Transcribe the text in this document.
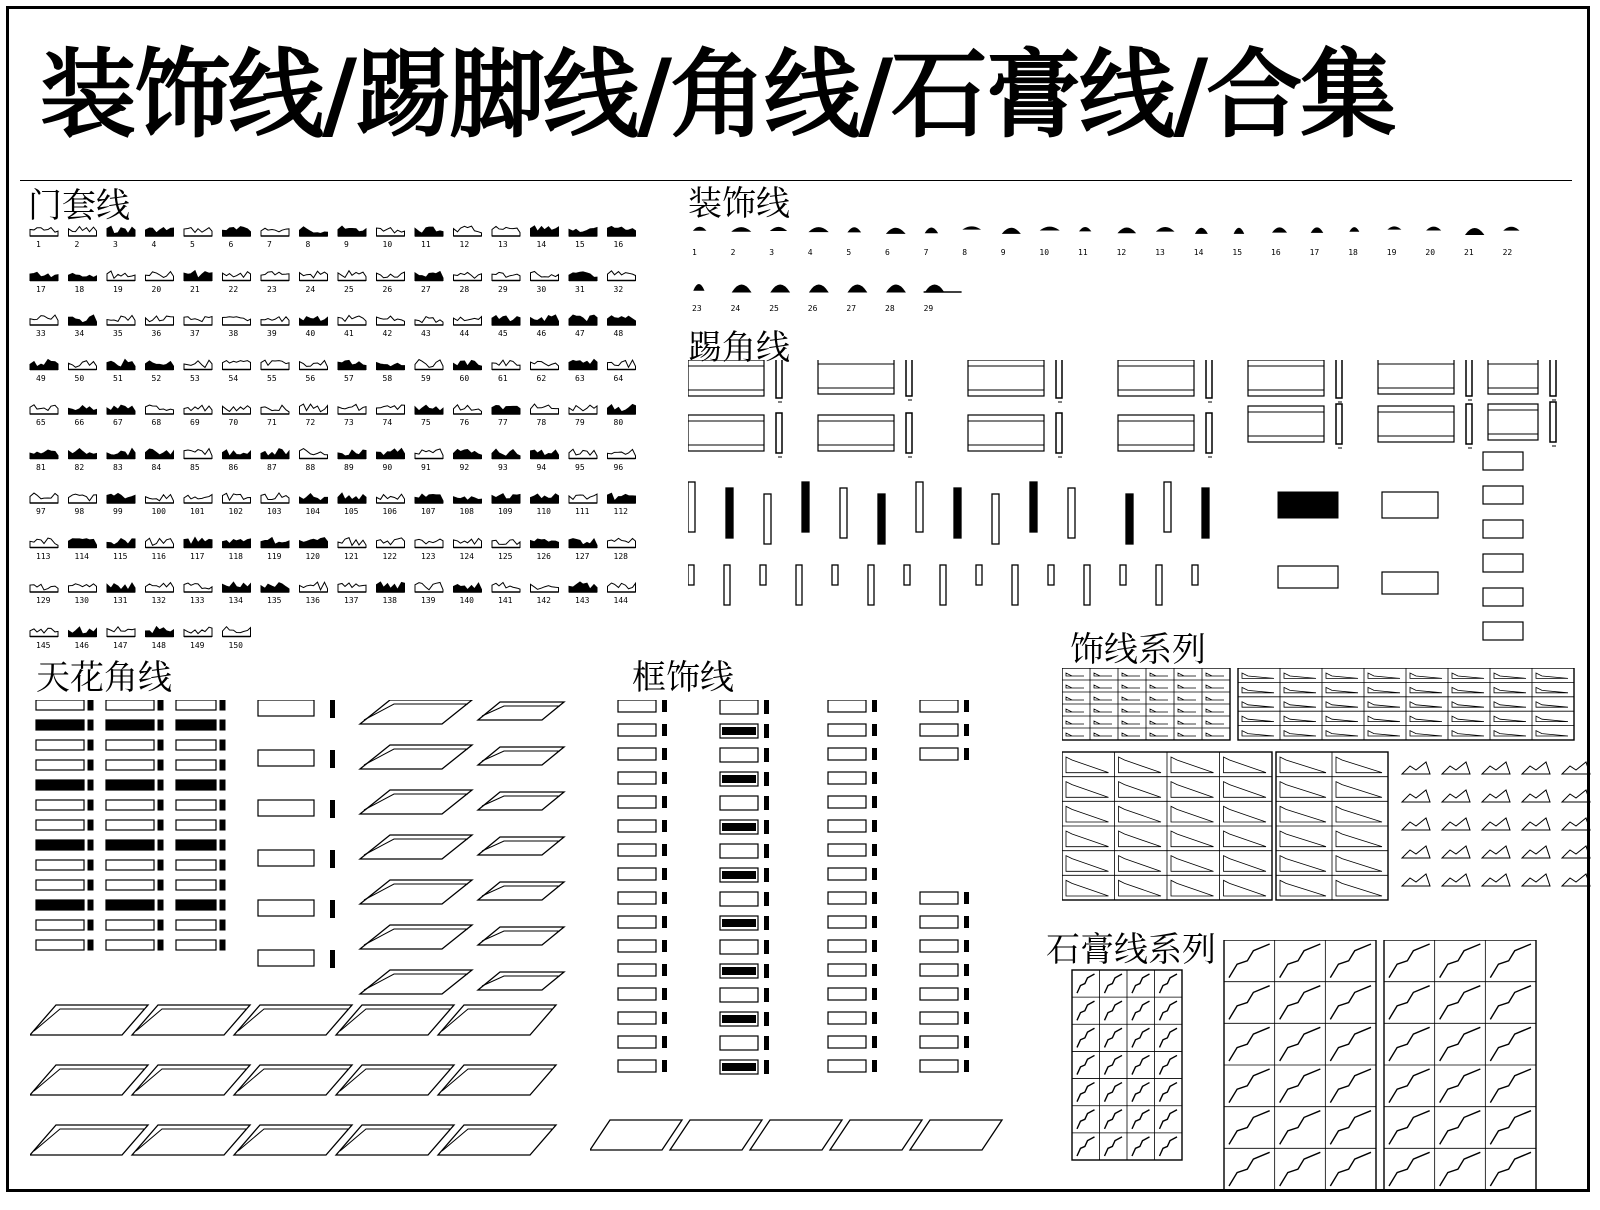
装饰线/踢脚线/角线/石膏线/合集
门套线	装饰线
踢角线
天花角线	框饰线
饰线系列
石膏线系列
1	2	3	4	5	6	7	8	9	10	11	12	13	14	15	16
17	18	19	20	21	22	23	24	25	26	27	28	29	30	31	32
33	34	35	36	37	38	39	40	41	42	43	44	45	46	47	48
49	50	51	52	53	54	55	56	57	58	59	60	61	62	63	64
65	66	67	68	69	70	71	72	73	74	75	76	77	78	79	80
81	82	83	84	85	86	87	88	89	90	91	92	93	94	95	96
97	98	99	100	101	102	103	104	105	106	107	108	109	110	111	112
113	114	115	116	117	118	119	120	121	122	123	124	125	126	127	128
129	130	131	132	133	134	135	136	137	138	139	140	141	142	143	144
145	146	147	148	149	150
1	2	3	4	5	6	7	8	9	10	11	12	13	14	15	16	17	18	19	20	21	22
23	24	25	26	27	28	29
